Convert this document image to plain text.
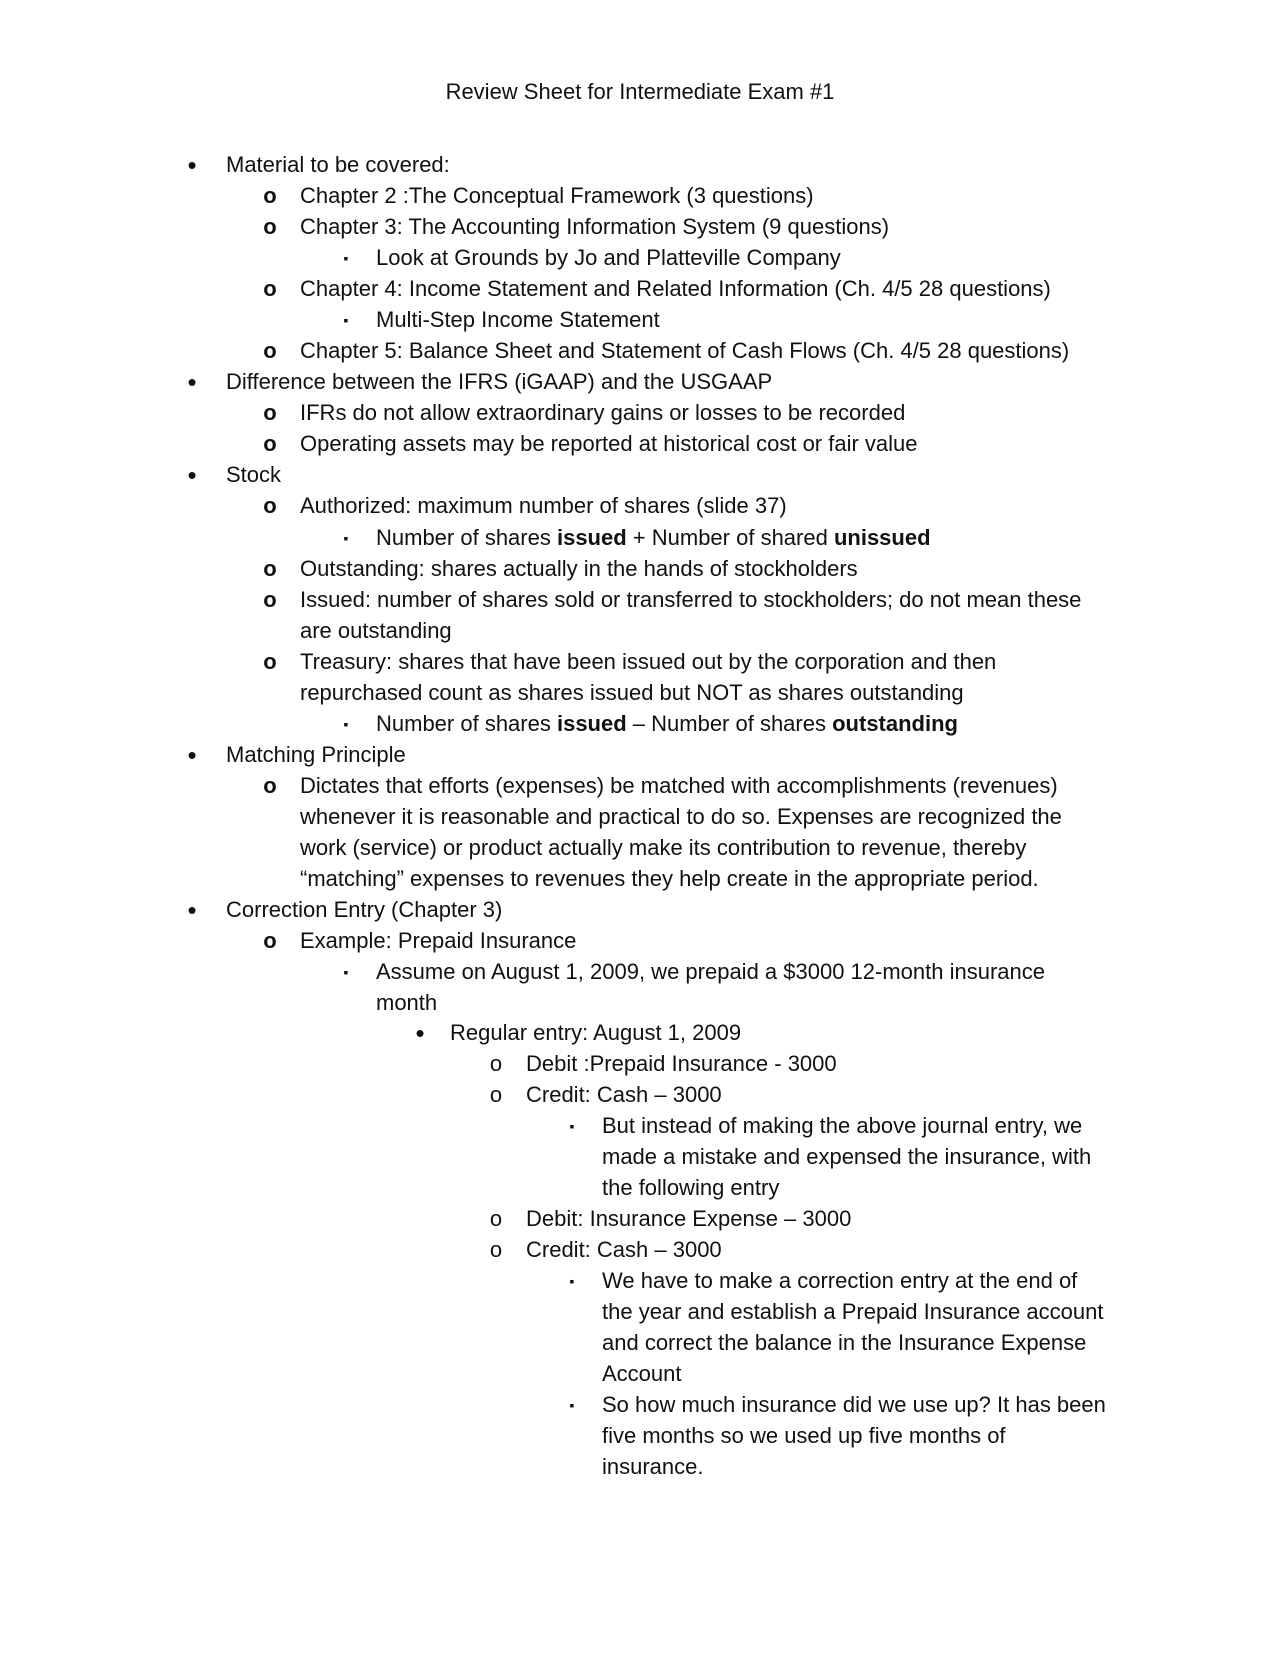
Review Sheet for Intermediate Exam #1
•	Material to be covered:
o Chapter 2 :The Conceptual Framework (3 questions)
o Chapter 3: The Accounting Information System (9 questions)
▪	Look at Grounds by Jo and Platteville Company
o Chapter 4: Income Statement and Related Information (Ch. 4/5 28 questions)
▪	Multi-Step Income Statement
o Chapter 5: Balance Sheet and Statement of Cash Flows (Ch. 4/5 28 questions)
•	Difference between the IFRS (iGAAP) and the USGAAP
o IFRs do not allow extraordinary gains or losses to be recorded
o Operating assets may be reported at historical cost or fair value
•	Stock
o Authorized: maximum number of shares (slide 37)
▪	Number of shares issued + Number of shared unissued
o Outstanding: shares actually in the hands of stockholders
o Issued: number of shares sold or transferred to stockholders; do not mean these
are outstanding
o Treasury: shares that have been issued out by the corporation and then
repurchased count as shares issued but NOT as shares outstanding
▪	Number of shares issued – Number of shares outstanding
•	Matching Principle
o Dictates that efforts (expenses) be matched with accomplishments (revenues)
whenever it is reasonable and practical to do so. Expenses are recognized the
work (service) or product actually make its contribution to revenue, thereby
“matching” expenses to revenues they help create in the appropriate period.
•	Correction Entry (Chapter 3)
o Example: Prepaid Insurance
▪	Assume on August 1, 2009, we prepaid a $3000 12-month insurance
month
•	Regular entry: August 1, 2009
o Debit :Prepaid Insurance - 3000
o Credit: Cash – 3000
▪	But instead of making the above journal entry, we
made a mistake and expensed the insurance, with
the following entry
o Debit: Insurance Expense – 3000
o Credit: Cash – 3000
▪	We have to make a correction entry at the end of
the year and establish a Prepaid Insurance account
and correct the balance in the Insurance Expense
Account
▪	So how much insurance did we use up? It has been
five months so we used up five months of
insurance.
